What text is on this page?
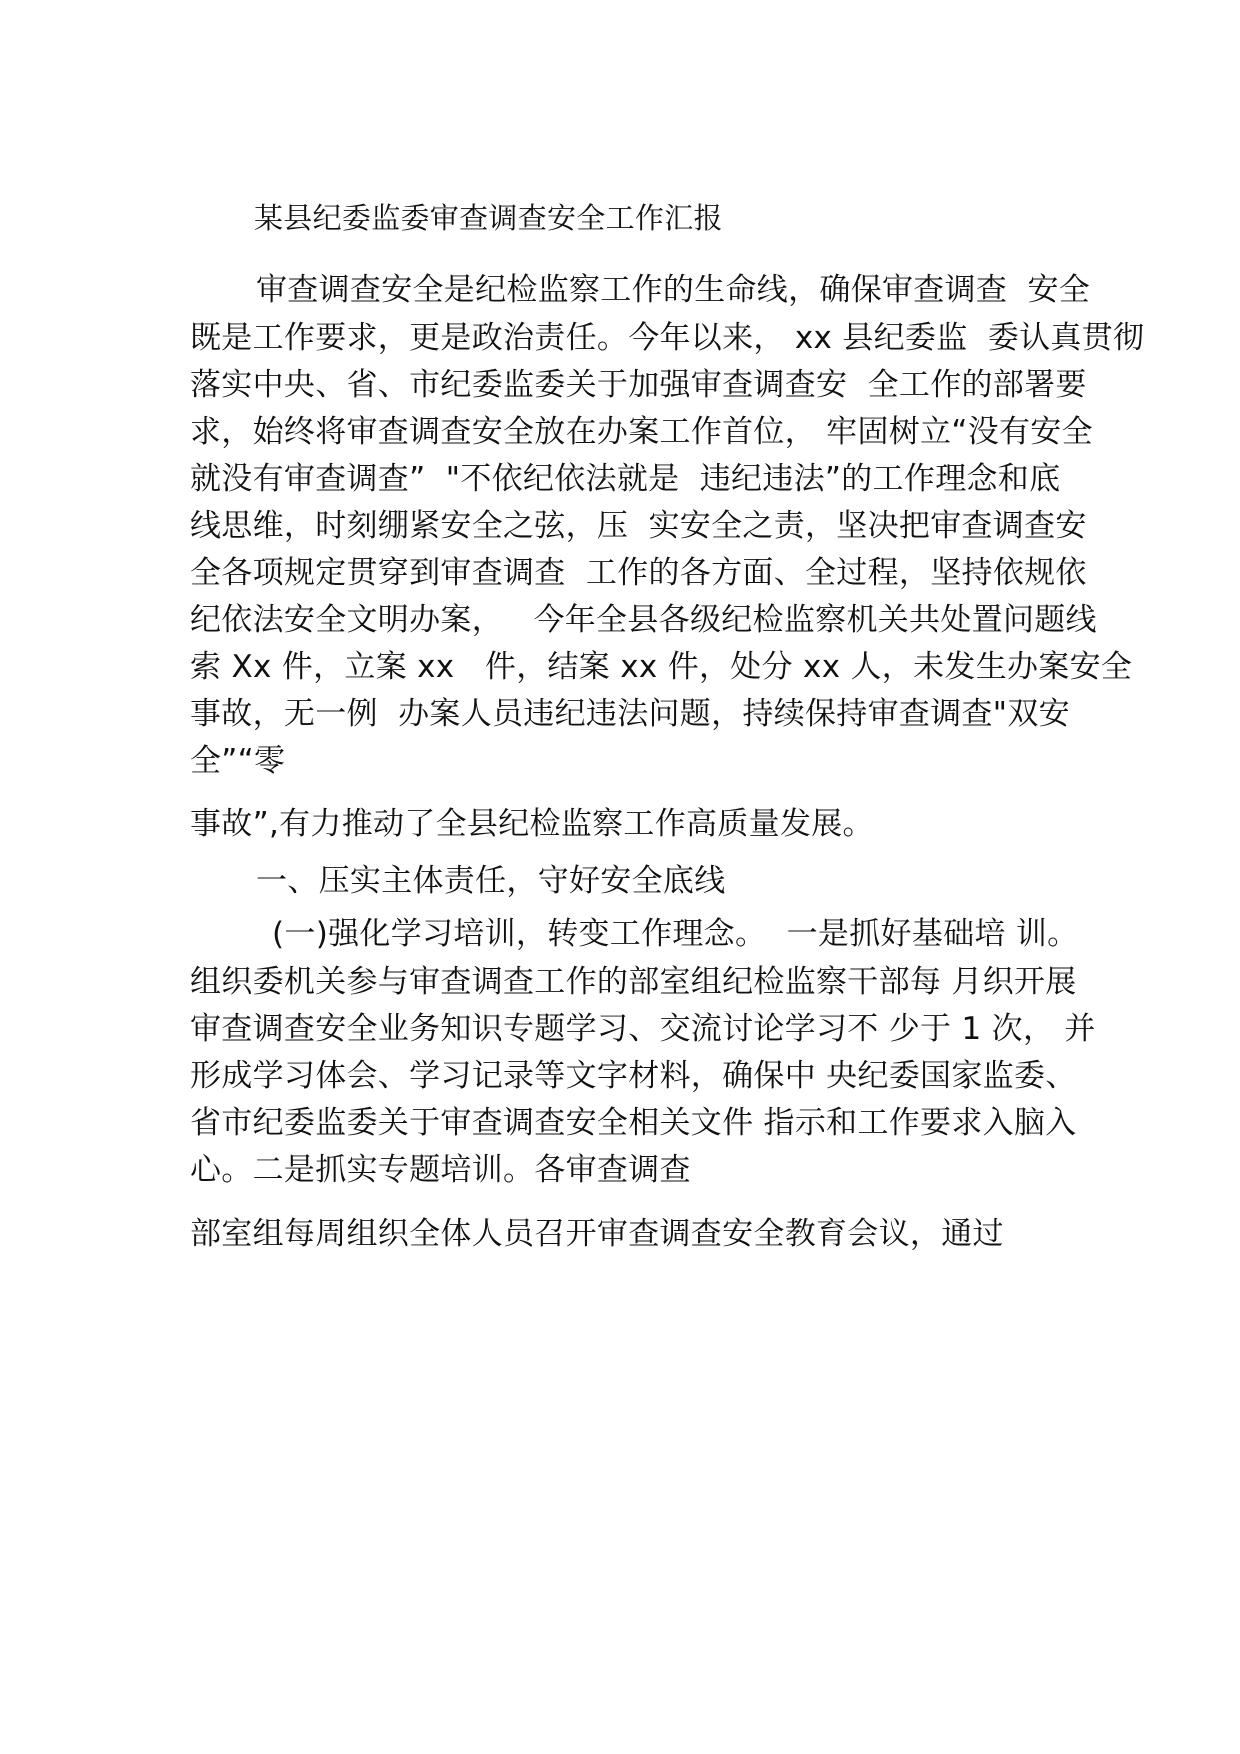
某县纪委监委审查调查安全工作汇报
审查调查安全是纪检监察工作的生命线，确保审查调查  安全
既是工作要求，更是政治责任。今年以来， xx 县纪委监  委认真贯彻
落实中央、省、市纪委监委关于加强审查调查安  全工作的部署要
求，始终将审查调查安全放在办案工作首位， 牢固树立“没有安全
就没有审查调查”  "不依纪依法就是  违纪违法”的工作理念和底
线思维，时刻绷紧安全之弦，压  实安全之责，坚决把审查调查安
全各项规定贯穿到审查调查  工作的各方面、全过程，坚持依规依
纪依法安全文明办案，   今年全县各级纪检监察机关共处置问题线
索 Xx 件，立案 xx   件，结案 xx 件，处分 xx 人，未发生办案安全
事故，无一例  办案人员违纪违法问题，持续保持审查调查"双安
全”“零
事故”,有力推动了全县纪检监察工作高质量发展。
一、压实主体责任，守好安全底线
(一)强化学习培训，转变工作理念。  一是抓好基础培 训。
组织委机关参与审查调查工作的部室组纪检监察干部每 月织开展
审查调查安全业务知识专题学习、交流讨论学习不 少于 1 次， 并
形成学习体会、学习记录等文字材料，确保中 央纪委国家监委、
省市纪委监委关于审查调查安全相关文件 指示和工作要求入脑入
心。二是抓实专题培训。各审查调查
部室组每周组织全体人员召开审查调查安全教育会议，通过
